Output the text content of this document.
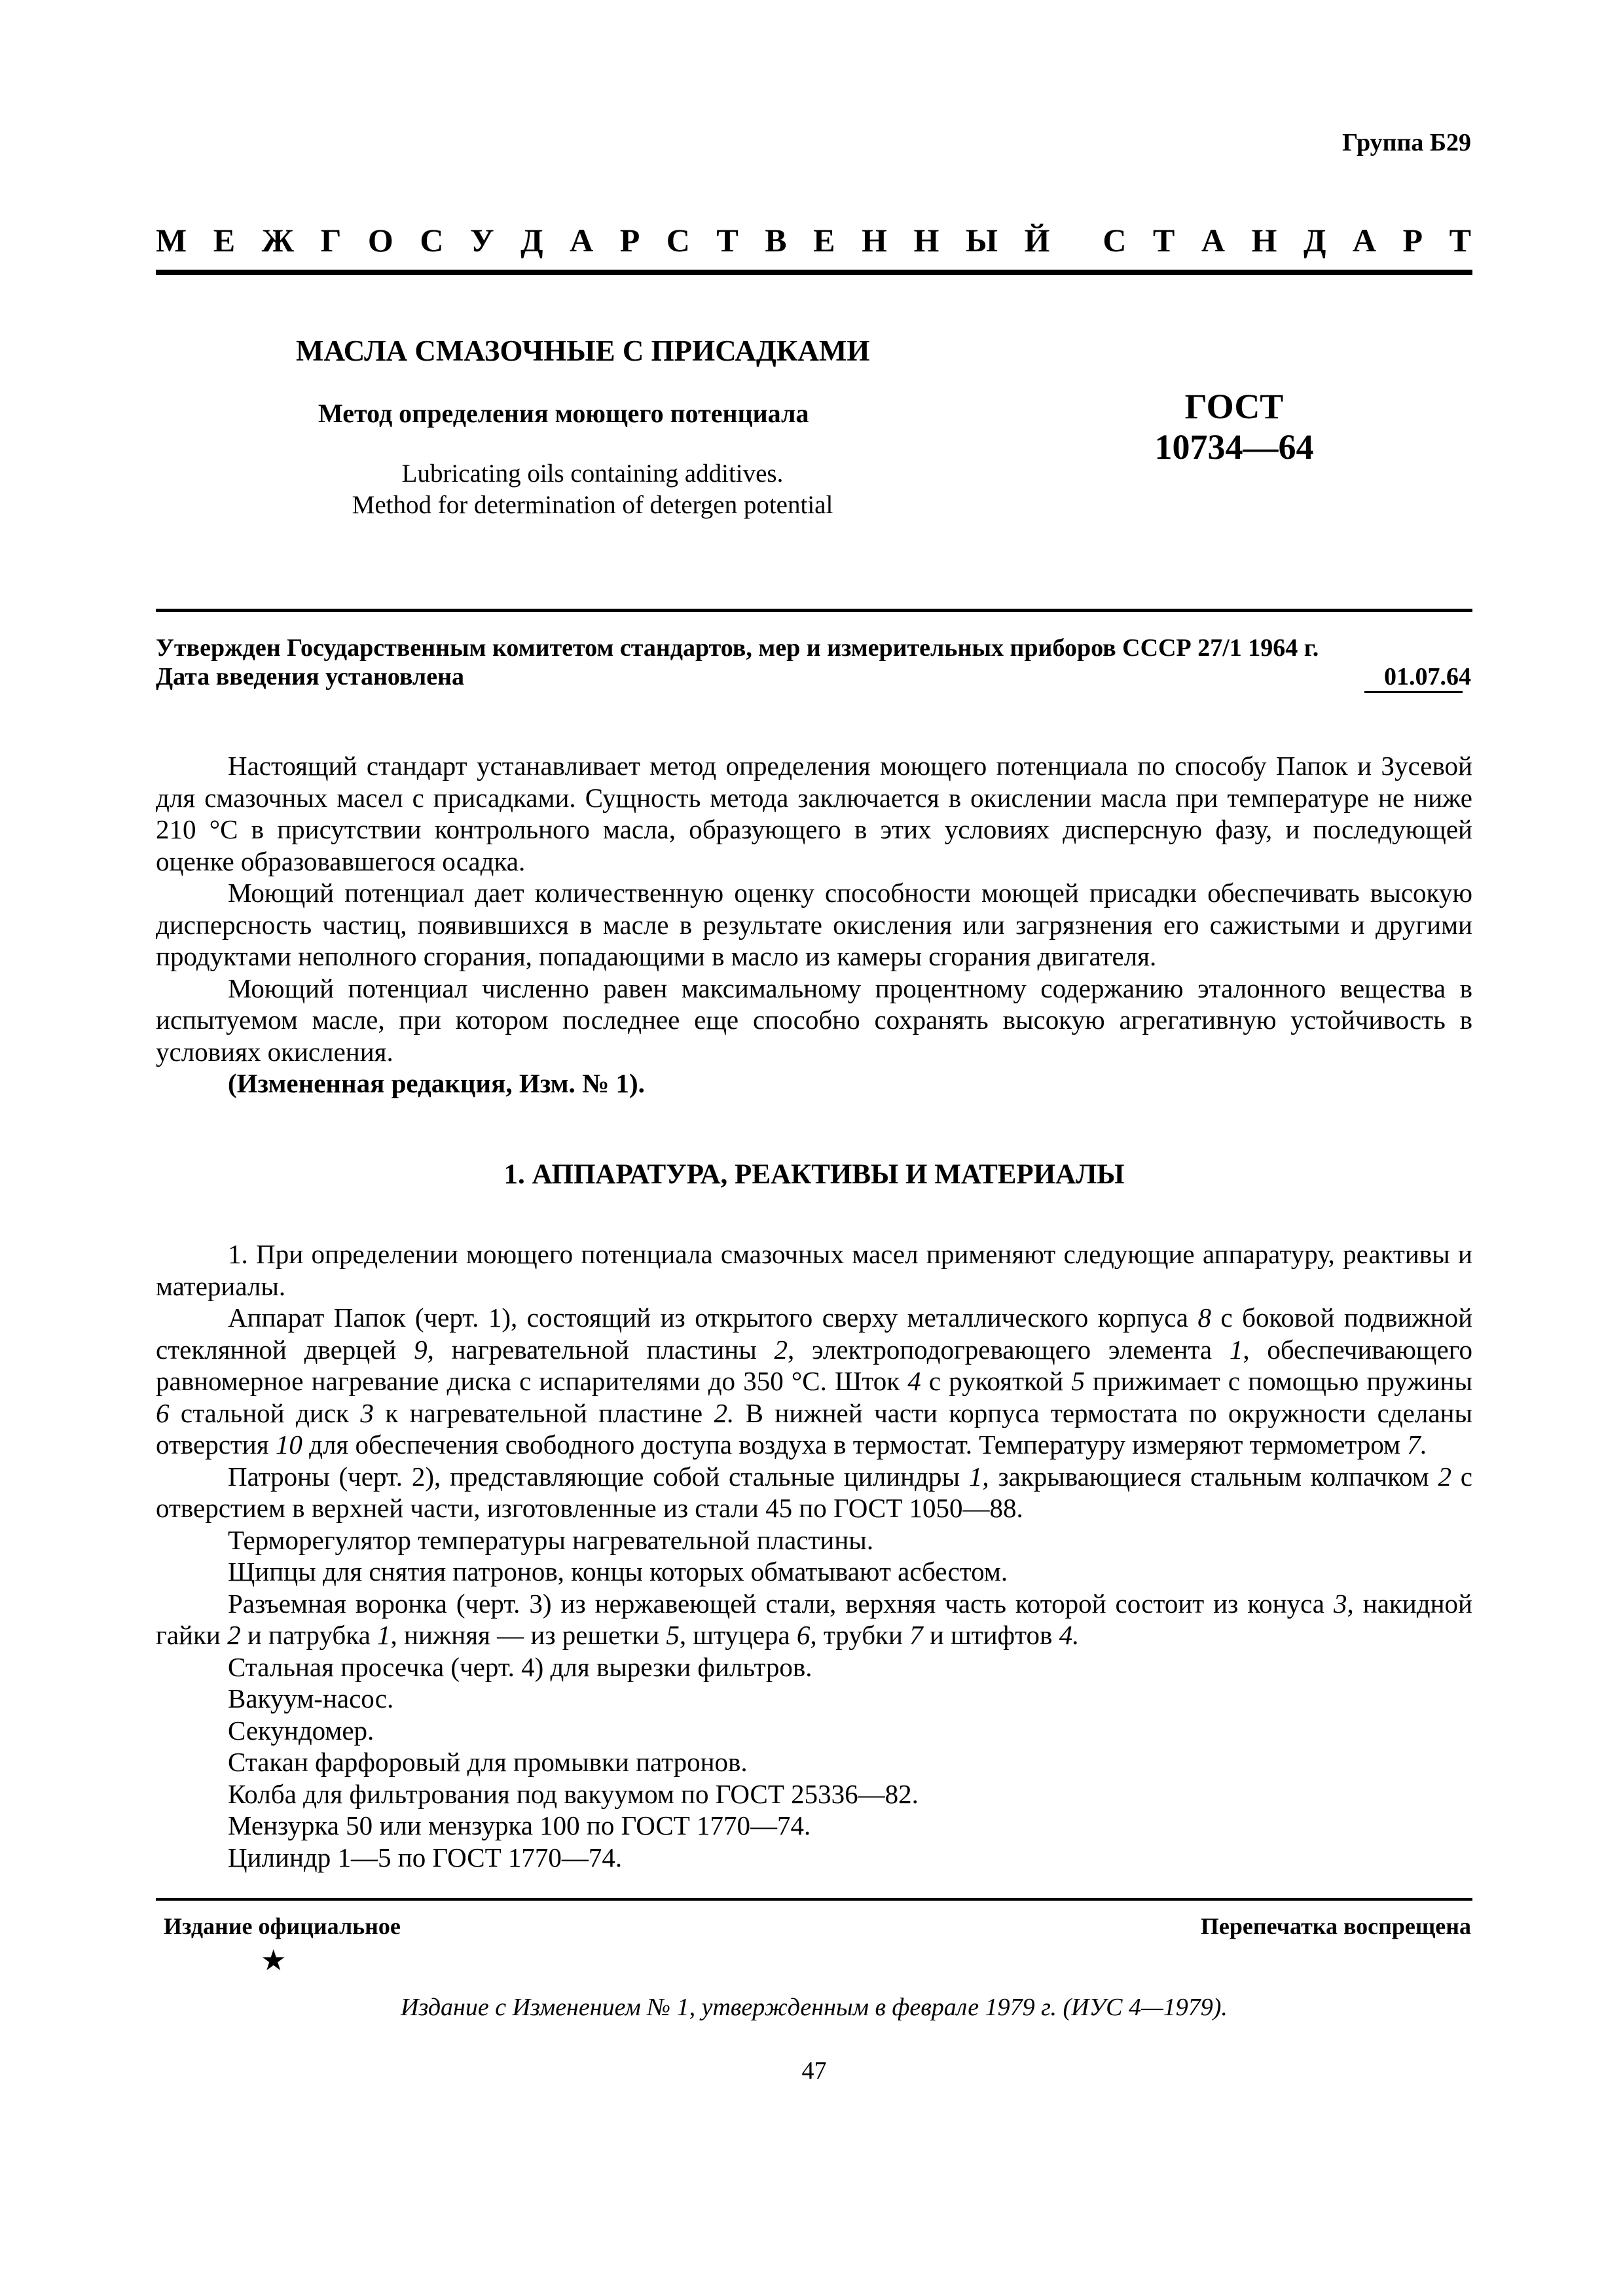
Группа Б29
М Е Ж Г О С У Д А Р С Т В Е Н Н Ы Й С Т А Н Д А Р Т
МАСЛА СМАЗОЧНЫЕ С ПРИСАДКАМИ
Метод определения моющего потенциала
Lubricating oils containing additives.
Method for determination of detergen potential
ГОСТ
10734—64
Утвержден Государственным комитетом стандартов, мер и измерительных приборов СССР 27/1 1964 г.
Дата введения установлена	01.07.64

Настоящий стандарт устанавливает метод определения моющего потенциала по способу Папок и Зусевой для смазочных масел с присадками. Сущность метода заключается в окислении масла при температуре не ниже 210 °С в присутствии контрольного масла, образующего в этих условиях дисперсную фазу, и последующей оценке образовавшегося осадка.

Моющий потенциал дает количественную оценку способности моющей присадки обеспечивать высокую дисперсность частиц, появившихся в масле в результате окисления или загрязнения его сажистыми и другими продуктами неполного сгорания, попадающими в масло из камеры сгорания двигателя.

Моющий потенциал численно равен максимальному процентному содержанию эталонного вещества в испытуемом масле, при котором последнее еще способно сохранять высокую агрегативную устойчивость в условиях окисления.

(Измененная редакция, Изм. № 1).

1. АППАРАТУРА, РЕАКТИВЫ И МАТЕРИАЛЫ

1. При определении моющего потенциала смазочных масел применяют следующие аппаратуру, реактивы и материалы.

Аппарат Папок (черт. 1), состоящий из открытого сверху металлического корпуса 8 с боковой подвижной стеклянной дверцей 9, нагревательной пластины 2, электроподогревающего элемента 1, обеспечивающего равномерное нагревание диска с испарителями до 350 °С. Шток 4 с рукояткой 5 прижимает с помощью пружины 6 стальной диск 3 к нагревательной пластине 2. В нижней части корпуса термостата по окружности сделаны отверстия 10 для обеспечения свободного доступа воздуха в термостат. Температуру измеряют термометром 7.

Патроны (черт. 2), представляющие собой стальные цилиндры 1, закрывающиеся стальным колпачком 2 с отверстием в верхней части, изготовленные из стали 45 по ГОСТ 1050—88.

Терморегулятор температуры нагревательной пластины.

Щипцы для снятия патронов, концы которых обматывают асбестом.

Разъемная воронка (черт. 3) из нержавеющей стали, верхняя часть которой состоит из конуса 3, накидной гайки 2 и патрубка 1, нижняя — из решетки 5, штуцера 6, трубки 7 и штифтов 4.

Стальная просечка (черт. 4) для вырезки фильтров.

Вакуум-насос.

Секундомер.

Стакан фарфоровый для промывки патронов.

Колба для фильтрования под вакуумом по ГОСТ 25336—82.

Мензурка 50 или мензурка 100 по ГОСТ 1770—74.

Цилиндр 1—5 по ГОСТ 1770—74.

Издание официальное	Перепечатка воспрещена
★
Издание с Изменением № 1, утвержденным в феврале 1979 г. (ИУС 4—1979).
47
